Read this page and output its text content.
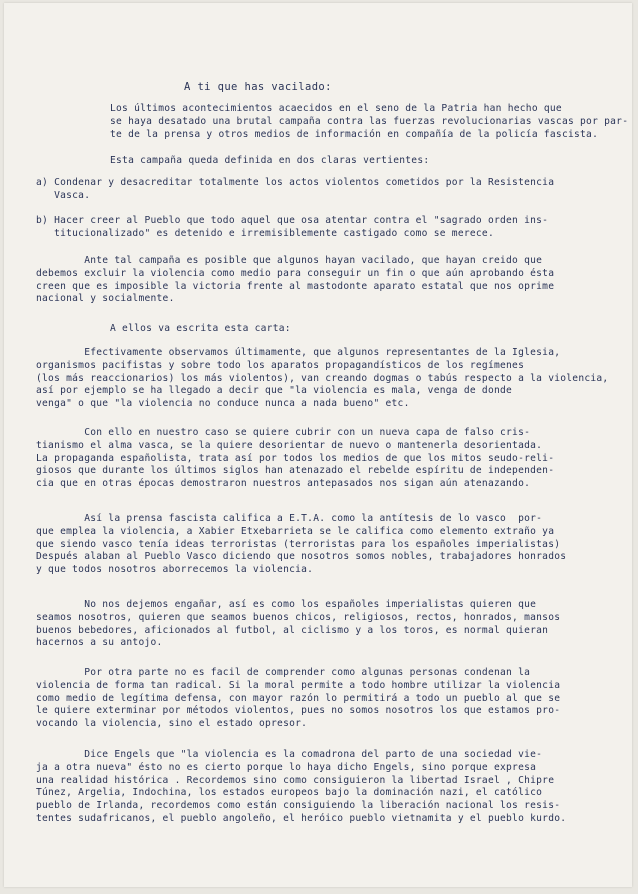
A ti que has vacilado:
Los últimos acontecimientos acaecidos en el seno de la Patria han hecho que
se haya desatado una brutal campaña contra las fuerzas revolucionarias vascas por par-
te de la prensa y otros medios de información en compañía de la policía fascista.
Esta campaña queda definida en dos claras vertientes:
a) Condenar y desacreditar totalmente los actos violentos cometidos por la Resistencia
Vasca.
b) Hacer creer al Pueblo que todo aquel que osa atentar contra el "sagrado orden ins-
titucionalizado" es detenido e irremisiblemente castigado como se merece.
Ante tal campaña es posible que algunos hayan vacilado, que hayan creido que
debemos excluir la violencia como medio para conseguir un fin o que aún aprobando ésta
creen que es imposible la victoria frente al mastodonte aparato estatal que nos oprime
nacional y socialmente.
A ellos va escrita esta carta:
Efectivamente observamos últimamente, que algunos representantes de la Iglesia,
organismos pacifistas y sobre todo los aparatos propagandísticos de los regímenes
(los más reaccionarios) los más violentos), van creando dogmas o tabús respecto a la violencia,
así por ejemplo se ha llegado a decir que "la violencia es mala, venga de donde
venga" o que "la violencia no conduce nunca a nada bueno" etc.
Con ello en nuestro caso se quiere cubrir con un nueva capa de falso cris-
tianismo el alma vasca, se la quiere desorientar de nuevo o mantenerla desorientada.
La propaganda españolista, trata así por todos los medios de que los mitos seudo-reli-
giosos que durante los últimos siglos han atenazado el rebelde espíritu de independen-
cia que en otras épocas demostraron nuestros antepasados nos sigan aún atenazando.
Así la prensa fascista califica a E.T.A. como la antítesis de lo vasco  por-
que emplea la violencia, a Xabier Etxebarrieta se le califica como elemento extraño ya
que siendo vasco tenía ideas terroristas (terroristas para los españoles imperialistas)
Después alaban al Pueblo Vasco diciendo que nosotros somos nobles, trabajadores honrados
y que todos nosotros aborrecemos la violencia.
No nos dejemos engañar, así es como los españoles imperialistas quieren que
seamos nosotros, quieren que seamos buenos chicos, religiosos, rectos, honrados, mansos
buenos bebedores, aficionados al futbol, al ciclismo y a los toros, es normal quieran
hacernos a su antojo.
Por otra parte no es facil de comprender como algunas personas condenan la
violencia de forma tan radical. Si la moral permite a todo hombre utilizar la violencia
como medio de legítima defensa, con mayor razón lo permitirá a todo un pueblo al que se
le quiere exterminar por métodos violentos, pues no somos nosotros los que estamos pro-
vocando la violencia, sino el estado opresor.
Dice Engels que "la violencia es la comadrona del parto de una sociedad vie-
ja a otra nueva" ésto no es cierto porque lo haya dicho Engels, sino porque expresa
una realidad histórica . Recordemos sino como consiguieron la libertad Israel , Chipre
Túnez, Argelia, Indochina, los estados europeos bajo la dominación nazi, el católico
pueblo de Irlanda, recordemos como están consiguiendo la liberación nacional los resis-
tentes sudafricanos, el pueblo angoleño, el heróico pueblo vietnamita y el pueblo kurdo.
